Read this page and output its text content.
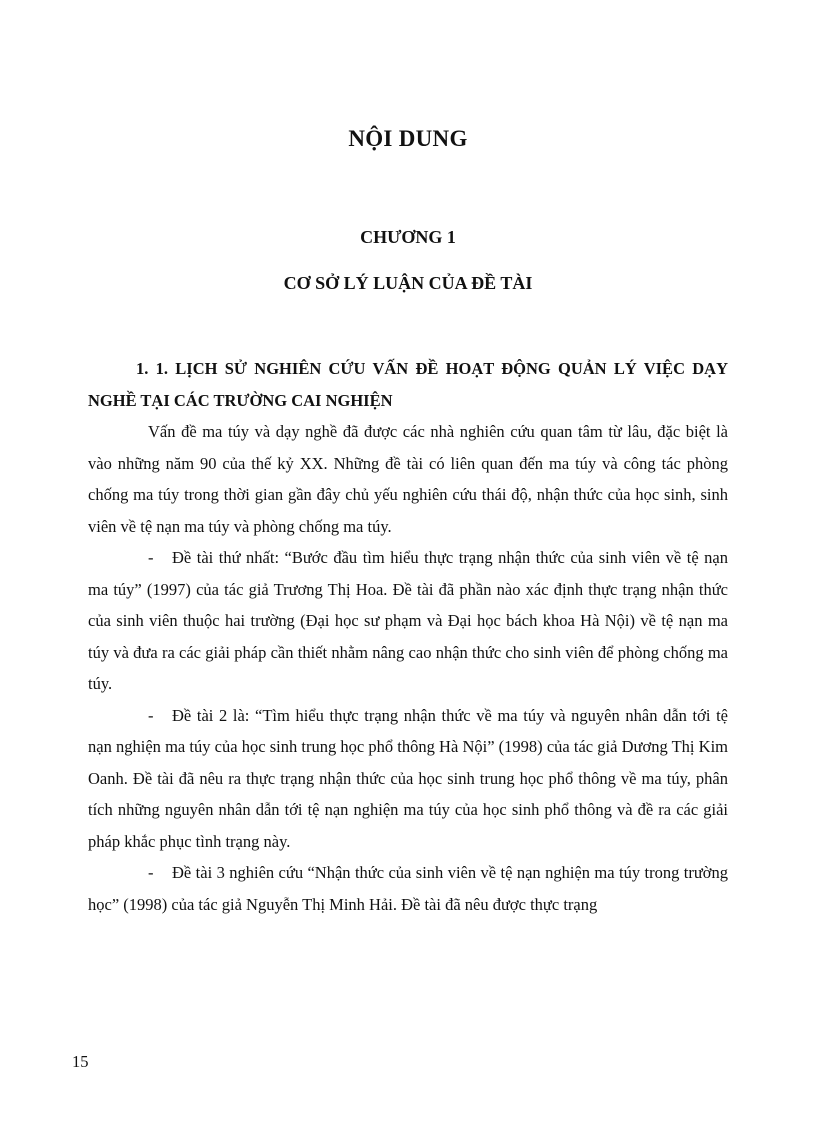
NỘI DUNG
CHƯƠNG 1
CƠ SỞ LÝ LUẬN CỦA ĐỀ TÀI

1. 1. LỊCH SỬ NGHIÊN CỨU VẤN ĐỀ HOẠT ĐỘNG QUẢN LÝ VIỆC DẠY NGHỀ TẠI CÁC TRƯỜNG CAI NGHIỆN

Vấn đề ma túy và dạy nghề đã được các nhà nghiên cứu quan tâm từ lâu, đặc biệt là vào những năm 90 của thế kỷ XX. Những đề tài có liên quan đến ma túy và công tác phòng chống ma túy trong thời gian gần đây chủ yếu nghiên cứu thái độ, nhận thức của học sinh, sinh viên về tệ nạn ma túy và phòng chống ma túy.

- Đề tài thứ nhất: “Bước đầu tìm hiểu thực trạng nhận thức của sinh viên về tệ nạn ma túy” (1997) của tác giả Trương Thị Hoa. Đề tài đã phần nào xác định thực trạng nhận thức của sinh viên thuộc hai trường (Đại học sư phạm và Đại học bách khoa Hà Nội) về tệ nạn ma túy và đưa ra các giải pháp cần thiết nhằm nâng cao nhận thức cho sinh viên để phòng chống ma túy.

- Đề tài 2 là: “Tìm hiểu thực trạng nhận thức về ma túy và nguyên nhân dẫn tới tệ nạn nghiện ma túy của học sinh trung học phổ thông Hà Nội” (1998) của tác giả Dương Thị Kim Oanh. Đề tài đã nêu ra thực trạng nhận thức của học sinh trung học phổ thông về ma túy, phân tích những nguyên nhân dẫn tới tệ nạn nghiện ma túy của học sinh phổ thông và đề ra các giải pháp khắc phục tình trạng này.

- Đề tài 3 nghiên cứu “Nhận thức của sinh viên về tệ nạn nghiện ma túy trong trường học” (1998) của tác giả Nguyễn Thị Minh Hải. Đề tài đã nêu được thực trạng

15
